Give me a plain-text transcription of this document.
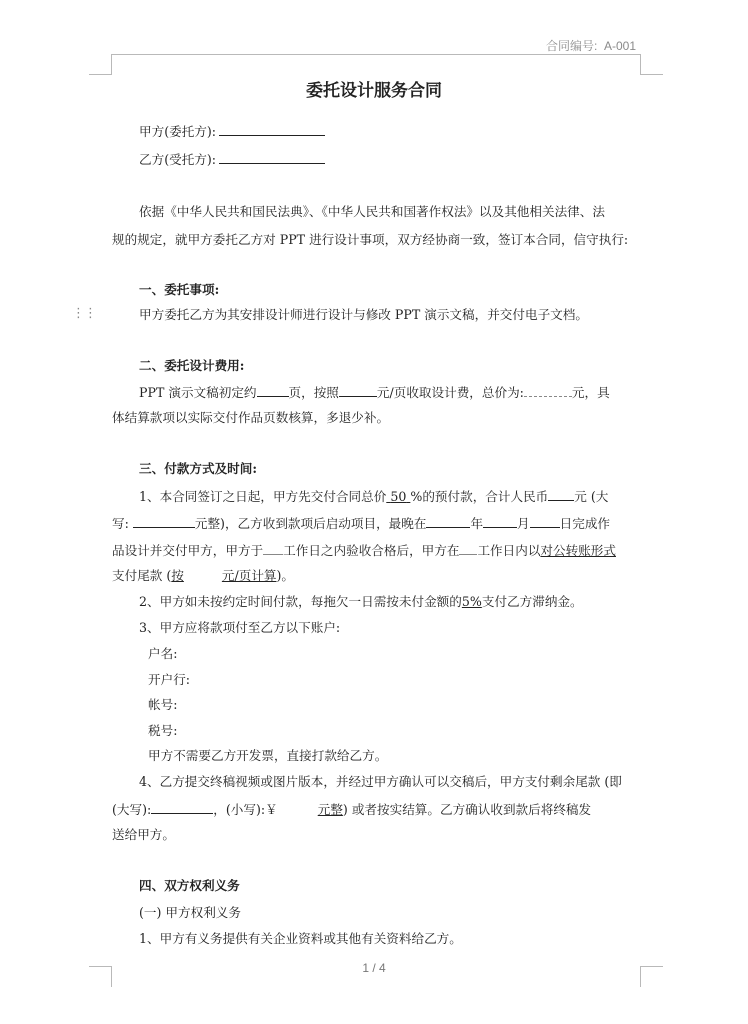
合同编号: A-001
⋮⋮
委托设计服务合同
甲方(委托方):
乙方(受托方):
依据《中华人民共和国民法典》、《中华人民共和国著作权法》以及其他相关法律、法
规的规定，就甲方委托乙方对 PPT 进行设计事项，双方经协商一致，签订本合同，信守执行:
一、委托事项:
甲方委托乙方为其安排设计师进行设计与修改 PPT 演示文稿，并交付电子文档。
二、委托设计费用:
PPT 演示文稿初定约	页，按照	元/页收取设计费，总价为:	元，具
体结算款项以实际交付作品页数核算，多退少补。
三、付款方式及时间:
1、本合同签订之日起，甲方先交付合同总价 50 %的预付款，合计人民币 元 (大
写:	元整)，乙方收到款项后启动项目，最晚在	年	月 日完成作
品设计并交付甲方，甲方于 工作日之内验收合格后，甲方在 工作日内以对公转账形式
支付尾款 (按	元/页计算)。
2、甲方如未按约定时间付款，每拖欠一日需按未付金额的5%支付乙方滞纳金。
3、甲方应将款项付至乙方以下账户:
户名:
开户行:
帐号:
税号:
甲方不需要乙方开发票，直接打款给乙方。
4、乙方提交终稿视频或图片版本，并经过甲方确认可以交稿后，甲方支付剩余尾款 (即
(大写):	，(小写):￥	元整) 或者按实结算。乙方确认收到款后将终稿发
送给甲方。
四、双方权利义务
(一) 甲方权利义务
1、甲方有义务提供有关企业资料或其他有关资料给乙方。
1 / 4
